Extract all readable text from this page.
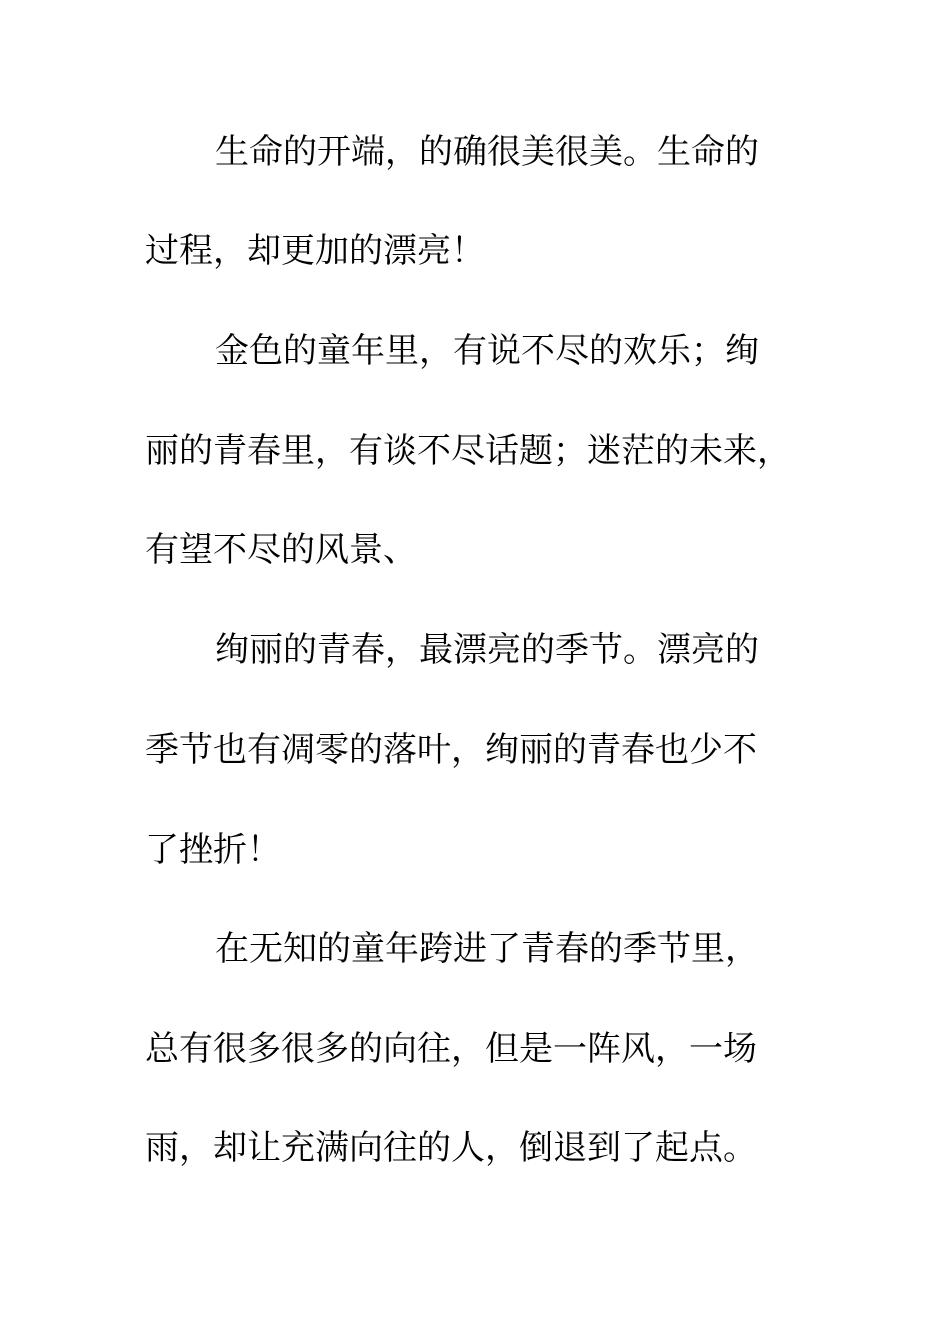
生命的开端，的确很美很美。生命的
过程，却更加的漂亮！
金色的童年里，有说不尽的欢乐；绚
丽的青春里，有谈不尽话题；迷茫的未来，
有望不尽的风景、
绚丽的青春，最漂亮的季节。漂亮的
季节也有凋零的落叶，绚丽的青春也少不
了挫折！
在无知的童年跨进了青春的季节里，
总有很多很多的向往，但是一阵风，一场
雨，却让充满向往的人，倒退到了起点。
